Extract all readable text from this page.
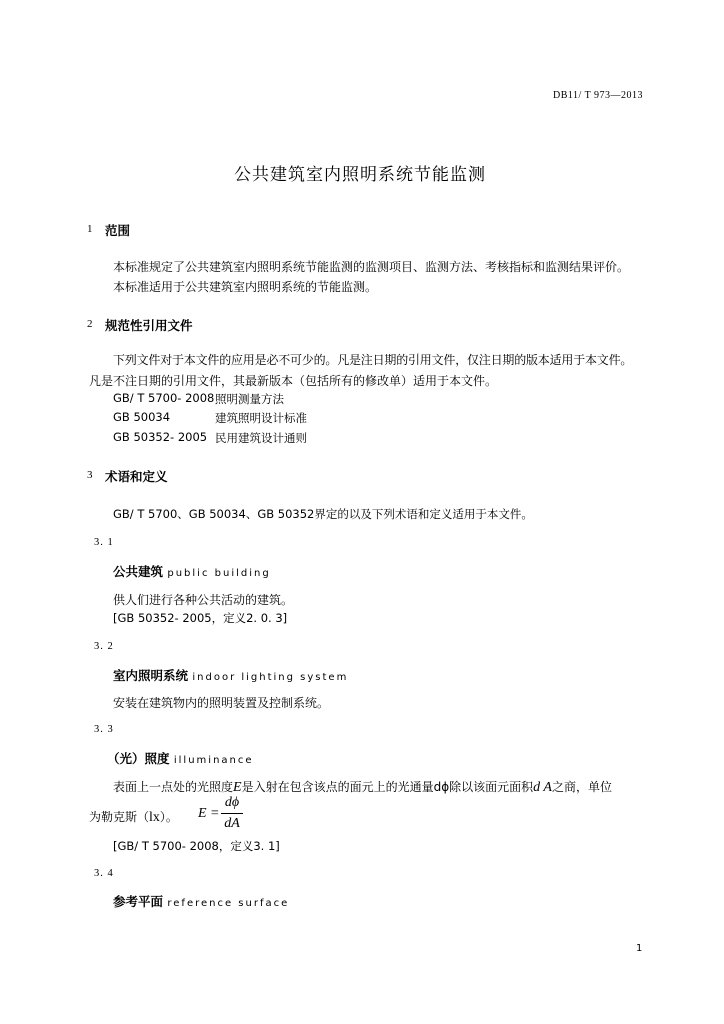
DB11/ T 973—2013
公共建筑室内照明系统节能监测
1 范围
本标准规定了公共建筑室内照明系统节能监测的监测项目、监测方法、考核指标和监测结果评价。
本标准适用于公共建筑室内照明系统的节能监测。
2 规范性引用文件
下列文件对于本文件的应用是必不可少的。凡是注日期的引用文件，仅注日期的版本适用于本文件。
凡是不注日期的引用文件，其最新版本（包括所有的修改单）适用于本文件。
GB/ T 5700- 2008 照明测量方法
GB 50034	建筑照明设计标准
GB 50352- 2005 民用建筑设计通则
3 术语和定义
GB/ T 5700、GB 50034、GB 50352界定的以及下列术语和定义适用于本文件。
3. 1
公共建筑 public building
供人们进行各种公共活动的建筑。
[GB 50352- 2005，定义2. 0. 3]
3. 2
室内照明系统 indoor lighting system
安装在建筑物内的照明装置及控制系统。
3. 3
（光）照度 illuminance
表面上一点处的光照度E是入射在包含该点的面元上的光通量dϕ除以该面元面积d A之商，单位
为勒克斯（lx）。 E =
dϕ
dA
[GB/ T 5700- 2008，定义3. 1]
3. 4
参考平面 reference surface
1
